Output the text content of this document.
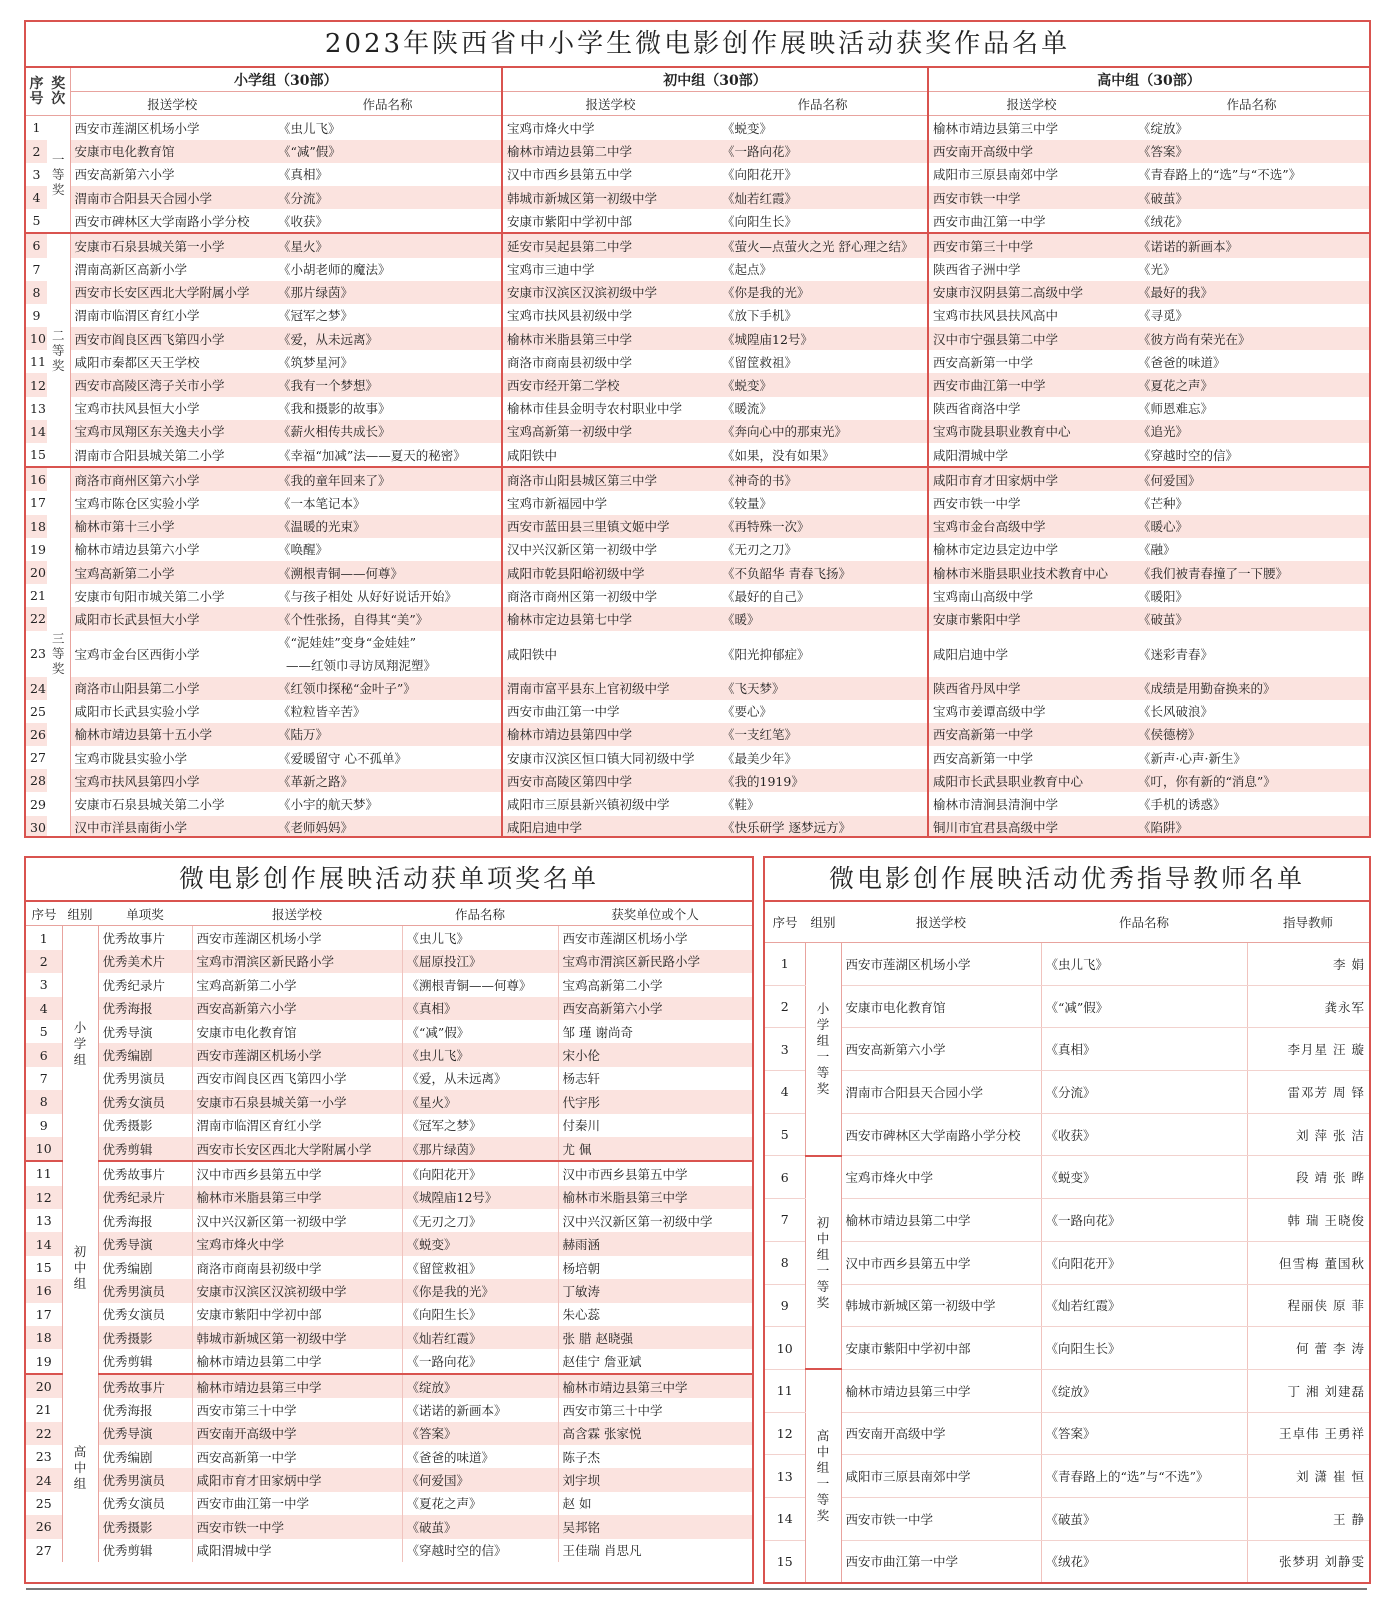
2023年陕西省中小学生微电影创作展映活动获奖作品名单
序号	奖次	小学组（30部）		初中组（30部）		高中组（30部）	
		报送学校	作品名称	报送学校	作品名称	报送学校	作品名称
1	一等奖	西安市莲湖区机场小学	《虫儿飞》	宝鸡市烽火中学	《蜕变》	榆林市靖边县第三中学	《绽放》
2		安康市电化教育馆	《“减”假》	榆林市靖边县第二中学	《一路向花》	西安南开高级中学	《答案》
3		西安高新第六小学	《真相》	汉中市西乡县第五中学	《向阳花开》	咸阳市三原县南郊中学	《青春路上的“选”与“不选”》
4		渭南市合阳县天合园小学	《分流》	韩城市新城区第一初级中学	《灿若红霞》	西安市铁一中学	《破茧》
5		西安市碑林区大学南路小学分校	《收获》	安康市紫阳中学初中部	《向阳生长》	西安市曲江第一中学	《绒花》
6	二等奖	安康市石泉县城关第一小学	《星火》	延安市吴起县第二中学	《萤火—点萤火之光 舒心理之结》	西安市第三十中学	《诺诺的新画本》
7		渭南高新区高新小学	《小胡老师的魔法》	宝鸡市三迪中学	《起点》	陕西省子洲中学	《光》
8		西安市长安区西北大学附属小学	《那片绿茵》	安康市汉滨区汉滨初级中学	《你是我的光》	安康市汉阴县第二高级中学	《最好的我》
9		渭南市临渭区育红小学	《冠军之梦》	宝鸡市扶风县初级中学	《放下手机》	宝鸡市扶风县扶风高中	《寻觅》
10		西安市阎良区西飞第四小学	《爱，从未远离》	榆林市米脂县第三中学	《城隍庙12号》	汉中市宁强县第二中学	《彼方尚有荣光在》
11		咸阳市秦都区天王学校	《筑梦星河》	商洛市商南县初级中学	《留筐救祖》	西安高新第一中学	《爸爸的味道》
12		西安市高陵区湾子关市小学	《我有一个梦想》	西安市经开第二学校	《蜕变》	西安市曲江第一中学	《夏花之声》
13		宝鸡市扶风县恒大小学	《我和摄影的故事》	榆林市佳县金明寺农村职业中学	《暖流》	陕西省商洛中学	《师恩难忘》
14		宝鸡市凤翔区东关逸夫小学	《薪火相传共成长》	宝鸡高新第一初级中学	《奔向心中的那束光》	宝鸡市陇县职业教育中心	《追光》
15		渭南市合阳县城关第二小学	《幸福“加减”法——夏天的秘密》	咸阳铁中	《如果，没有如果》	咸阳渭城中学	《穿越时空的信》
16	三等奖	商洛市商州区第六小学	《我的童年回来了》	商洛市山阳县城区第三中学	《神奇的书》	咸阳市育才田家炳中学	《何爱国》
17		宝鸡市陈仓区实验小学	《一本笔记本》	宝鸡市新福园中学	《较量》	西安市铁一中学	《芒种》
18		榆林市第十三小学	《温暖的光束》	西安市蓝田县三里镇文姬中学	《再特殊一次》	宝鸡市金台高级中学	《暖心》
19		榆林市靖边县第六小学	《唤醒》	汉中兴汉新区第一初级中学	《无刃之刀》	榆林市定边县定边中学	《融》
20		宝鸡高新第二小学	《溯根青铜——何尊》	咸阳市乾县阳峪初级中学	《不负韶华 青春飞扬》	榆林市米脂县职业技术教育中心	《我们被青春撞了一下腰》
21		安康市旬阳市城关第二小学	《与孩子相处 从好好说话开始》	商洛市商州区第一初级中学	《最好的自己》	宝鸡南山高级中学	《暖阳》
22		咸阳市长武县恒大小学	《个性张扬，自得其“美”》	榆林市定边县第七中学	《暖》	安康市紫阳中学	《破茧》
23		宝鸡市金台区西街小学	《“泥娃娃”变身“金娃娃”
——红领巾寻访凤翔泥塑》	咸阳铁中	《阳光抑郁症》	咸阳启迪中学	《迷彩青春》
24		商洛市山阳县第二小学	《红领巾探秘“金叶子”》	渭南市富平县东上官初级中学	《飞天梦》	陕西省丹凤中学	《成绩是用勤奋换来的》
25		咸阳市长武县实验小学	《粒粒皆辛苦》	西安市曲江第一中学	《要心》	宝鸡市姜谭高级中学	《长风破浪》
26		榆林市靖边县第十五小学	《陆万》	榆林市靖边县第四中学	《一支红笔》	西安高新第一中学	《侯德榜》
27		宝鸡市陇县实验小学	《爱暖留守 心不孤单》	安康市汉滨区恒口镇大同初级中学	《最美少年》	西安高新第一中学	《新声·心声·新生》
28		宝鸡市扶风县第四小学	《革新之路》	西安市高陵区第四中学	《我的1919》	咸阳市长武县职业教育中心	《叮，你有新的“消息”》
29		安康市石泉县城关第二小学	《小宇的航天梦》	咸阳市三原县新兴镇初级中学	《鞋》	榆林市清涧县清涧中学	《手机的诱惑》
30		汉中市洋县南街小学	《老师妈妈》	咸阳启迪中学	《快乐研学 逐梦远方》	铜川市宜君县高级中学	《陷阱》
微电影创作展映活动获单项奖名单
序号	组别	单项奖	报送学校	作品名称	获奖单位或个人
1	小学组	优秀故事片	西安市莲湖区机场小学	《虫儿飞》	西安市莲湖区机场小学
2		优秀美术片	宝鸡市渭滨区新民路小学	《屈原投江》	宝鸡市渭滨区新民路小学
3		优秀纪录片	宝鸡高新第二小学	《溯根青铜——何尊》	宝鸡高新第二小学
4		优秀海报	西安高新第六小学	《真相》	西安高新第六小学
5		优秀导演	安康市电化教育馆	《“减”假》	邹 瑾 谢尚奇
6		优秀编剧	西安市莲湖区机场小学	《虫儿飞》	宋小伦
7		优秀男演员	西安市阎良区西飞第四小学	《爱，从未远离》	杨志轩
8		优秀女演员	安康市石泉县城关第一小学	《星火》	代宇彤
9		优秀摄影	渭南市临渭区育红小学	《冠军之梦》	付秦川
10		优秀剪辑	西安市长安区西北大学附属小学	《那片绿茵》	尤 佩
11	初中组	优秀故事片	汉中市西乡县第五中学	《向阳花开》	汉中市西乡县第五中学
12		优秀纪录片	榆林市米脂县第三中学	《城隍庙12号》	榆林市米脂县第三中学
13		优秀海报	汉中兴汉新区第一初级中学	《无刃之刀》	汉中兴汉新区第一初级中学
14		优秀导演	宝鸡市烽火中学	《蜕变》	赫雨涵
15		优秀编剧	商洛市商南县初级中学	《留筐救祖》	杨培朝
16		优秀男演员	安康市汉滨区汉滨初级中学	《你是我的光》	丁敏涛
17		优秀女演员	安康市紫阳中学初中部	《向阳生长》	朱心蕊
18		优秀摄影	韩城市新城区第一初级中学	《灿若红霞》	张 腊 赵晓强
19		优秀剪辑	榆林市靖边县第二中学	《一路向花》	赵佳宁 詹亚斌
20	高中组	优秀故事片	榆林市靖边县第三中学	《绽放》	榆林市靖边县第三中学
21		优秀海报	西安市第三十中学	《诺诺的新画本》	西安市第三十中学
22		优秀导演	西安南开高级中学	《答案》	高含霖 张家悦
23		优秀编剧	西安高新第一中学	《爸爸的味道》	陈子杰
24		优秀男演员	咸阳市育才田家炳中学	《何爱国》	刘宇坝
25		优秀女演员	西安市曲江第一中学	《夏花之声》	赵 如
26		优秀摄影	西安市铁一中学	《破茧》	吴邦铭
27		优秀剪辑	咸阳渭城中学	《穿越时空的信》	王佳瑞 肖思凡
微电影创作展映活动优秀指导教师名单
序号	组别	报送学校	作品名称	指导教师
1	小学组一等奖	西安市莲湖区机场小学	《虫儿飞》	李 娟
2		安康市电化教育馆	《“减”假》	龚永军
3		西安高新第六小学	《真相》	李月星 汪 璇
4		渭南市合阳县天合园小学	《分流》	雷邓芳 周 铎
5		西安市碑林区大学南路小学分校	《收获》	刘 萍 张 洁
6	初中组一等奖	宝鸡市烽火中学	《蜕变》	段 靖 张 晔
7		榆林市靖边县第二中学	《一路向花》	韩 瑞 王晓俊
8		汉中市西乡县第五中学	《向阳花开》	但雪梅 董国秋
9		韩城市新城区第一初级中学	《灿若红霞》	程丽侠 原 菲
10		安康市紫阳中学初中部	《向阳生长》	何 蕾 李 涛
11	高中组一等奖	榆林市靖边县第三中学	《绽放》	丁 湘 刘建磊
12		西安南开高级中学	《答案》	王卓伟 王勇祥
13		咸阳市三原县南郊中学	《青春路上的“选”与“不选”》	刘 潇 崔 恒
14		西安市铁一中学	《破茧》	王 静
15		西安市曲江第一中学	《绒花》	张梦玥 刘静雯
